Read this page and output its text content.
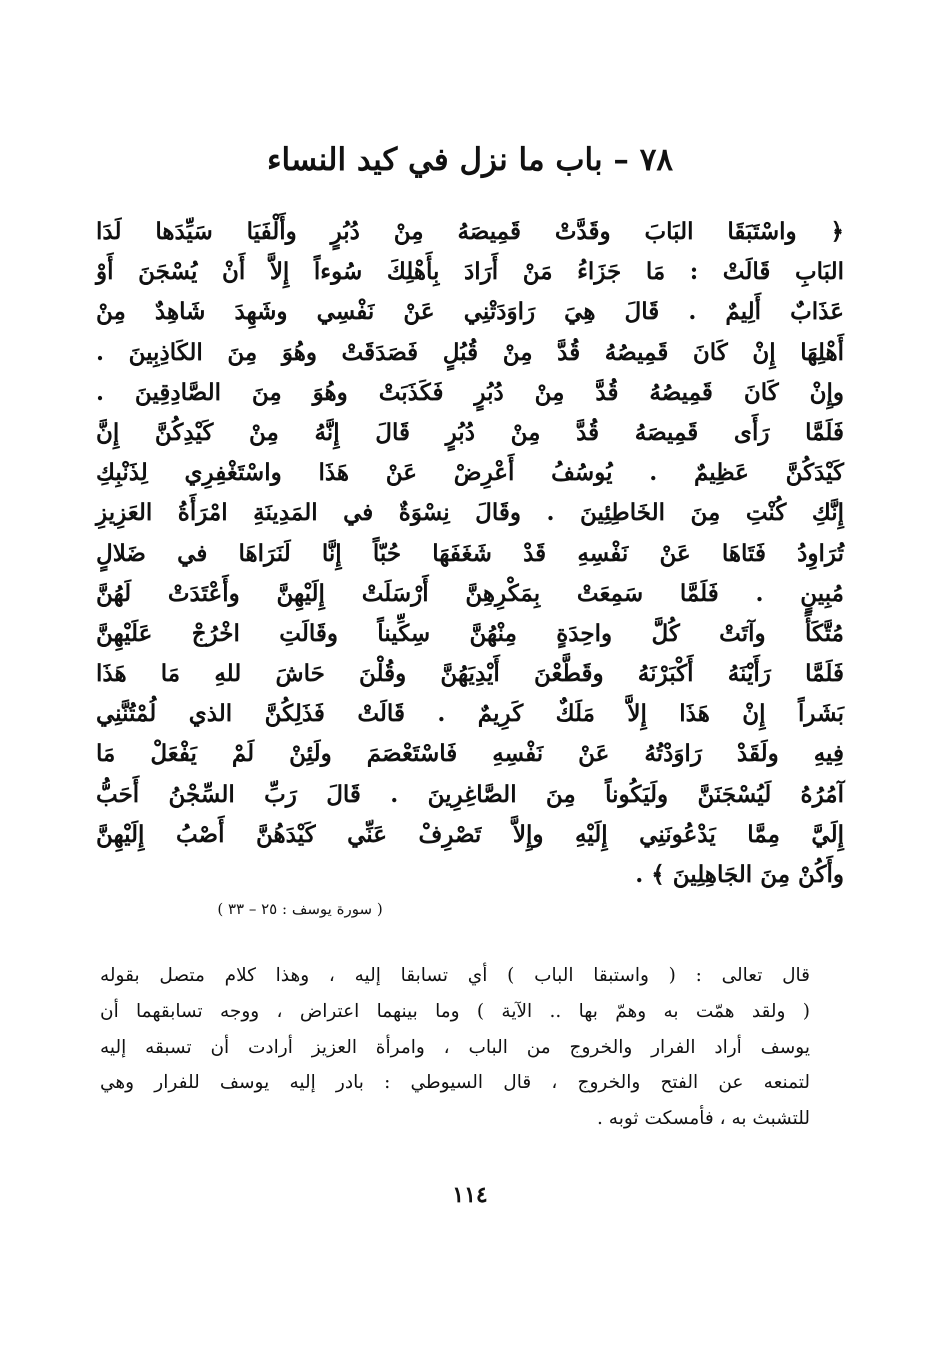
٧٨ – باب ما نزل في كيد النساء
﴿ واسْتَبَقَا البَابَ وقَدَّتْ قَمِيصَهُ مِنْ دُبُرٍ وأَلْفَيَا سَيِّدَها لَدَا
البَابِ قَالَتْ : مَا جَزَاءُ مَنْ أَرَادَ بِأَهْلِكَ سُوءاً إِلاَّ أَنْ يُسْجَنَ أَوْ
عَذَابٌ أَلِيمٌ . قَالَ هِيَ رَاوَدَتْنِي عَنْ نَفْسِي وشَهِدَ شَاهِدٌ مِنْ
أَهْلِهَا إِنْ كَانَ قَمِيصُهُ قُدَّ مِنْ قُبُلٍ فَصَدَقَتْ وهُوَ مِنَ الكَاذِبِينَ .
وإِنْ كَانَ قَمِيصُهُ قُدَّ مِنْ دُبُرٍ فَكَذَبَتْ وهُوَ مِنَ الصَّادِقِينَ .
فَلَمَّا رَأَى قَمِيصَهُ قُدَّ مِنْ دُبُرٍ قَالَ إِنَّهُ مِنْ كَيْدِكُنَّ إِنَّ
كَيْدَكُنَّ عَظِيمٌ . يُوسُفُ أَعْرِضْ عَنْ هَذَا واسْتَغْفِرِي لِذَنْبِكِ
إِنَّكِ كُنْتِ مِنَ الخَاطِئِينَ . وقَالَ نِسْوَةٌ في المَدِينَةِ امْرَأَةُ العَزِيزِ
تُرَاوِدُ فَتَاهَا عَنْ نَفْسِهِ قَدْ شَغَفَهَا حُبّاً إِنَّا لَنَرَاهَا في ضَلالٍ
مُبِينٍ . فَلَمَّا سَمِعَتْ بِمَكْرِهِنَّ أَرْسَلَتْ إِلَيْهِنَّ وأَعْتَدَتْ لَهُنَّ
مُتَّكَأً وآتَتْ كُلَّ واحِدَةٍ مِنْهُنَّ سِكِّيناً وقَالَتِ اخْرُجْ عَلَيْهِنَّ
فَلَمَّا رَأَيْنَهُ أَكْبَرْنَهُ وقَطَّعْنَ أَيْدِيَهُنَّ وقُلْنَ حَاشَ للهِ مَا هَذَا
بَشَراً إِنْ هَذَا إِلاَّ مَلَكٌ كَرِيمٌ . قَالَتْ فَذَلِكُنَّ الذي لُمْتُنَّنِي
فِيهِ ولَقَدْ رَاوَدْتُهُ عَنْ نَفْسِهِ فَاسْتَعْصَمَ ولَئِنْ لَمْ يَفْعَلْ مَا
آمُرُهُ لَيُسْجَنَنَّ ولَيَكُوناً مِنَ الصَّاغِرِينَ . قَالَ رَبِّ السِّجْنُ أَحَبُّ
إِلَيَّ مِمَّا يَدْعُونَنِي إِلَيْهِ وإِلاَّ تَصْرِفْ عَنِّي كَيْدَهُنَّ أَصْبُ إِلَيْهِنَّ
وأَكُنْ مِنَ الجَاهِلِينَ ﴾ .
( سورة يوسف : ٢٥ – ٣٣ )
قال تعالى : ( واستبقا الباب ) أي تسابقا إليه ، وهذا كلام متصل بقوله
( ولقد همّت به وهمّ بها .. الآية ) وما بينهما اعتراض ، ووجه تسابقهما أن
يوسف أراد الفرار والخروج من الباب ، وامرأة العزيز أرادت أن تسبقه إليه
لتمنعه عن الفتح والخروج ، قال السيوطي : بادر إليه يوسف للفرار وهي
للتشبث به ، فأمسكت ثوبه .
١١٤
